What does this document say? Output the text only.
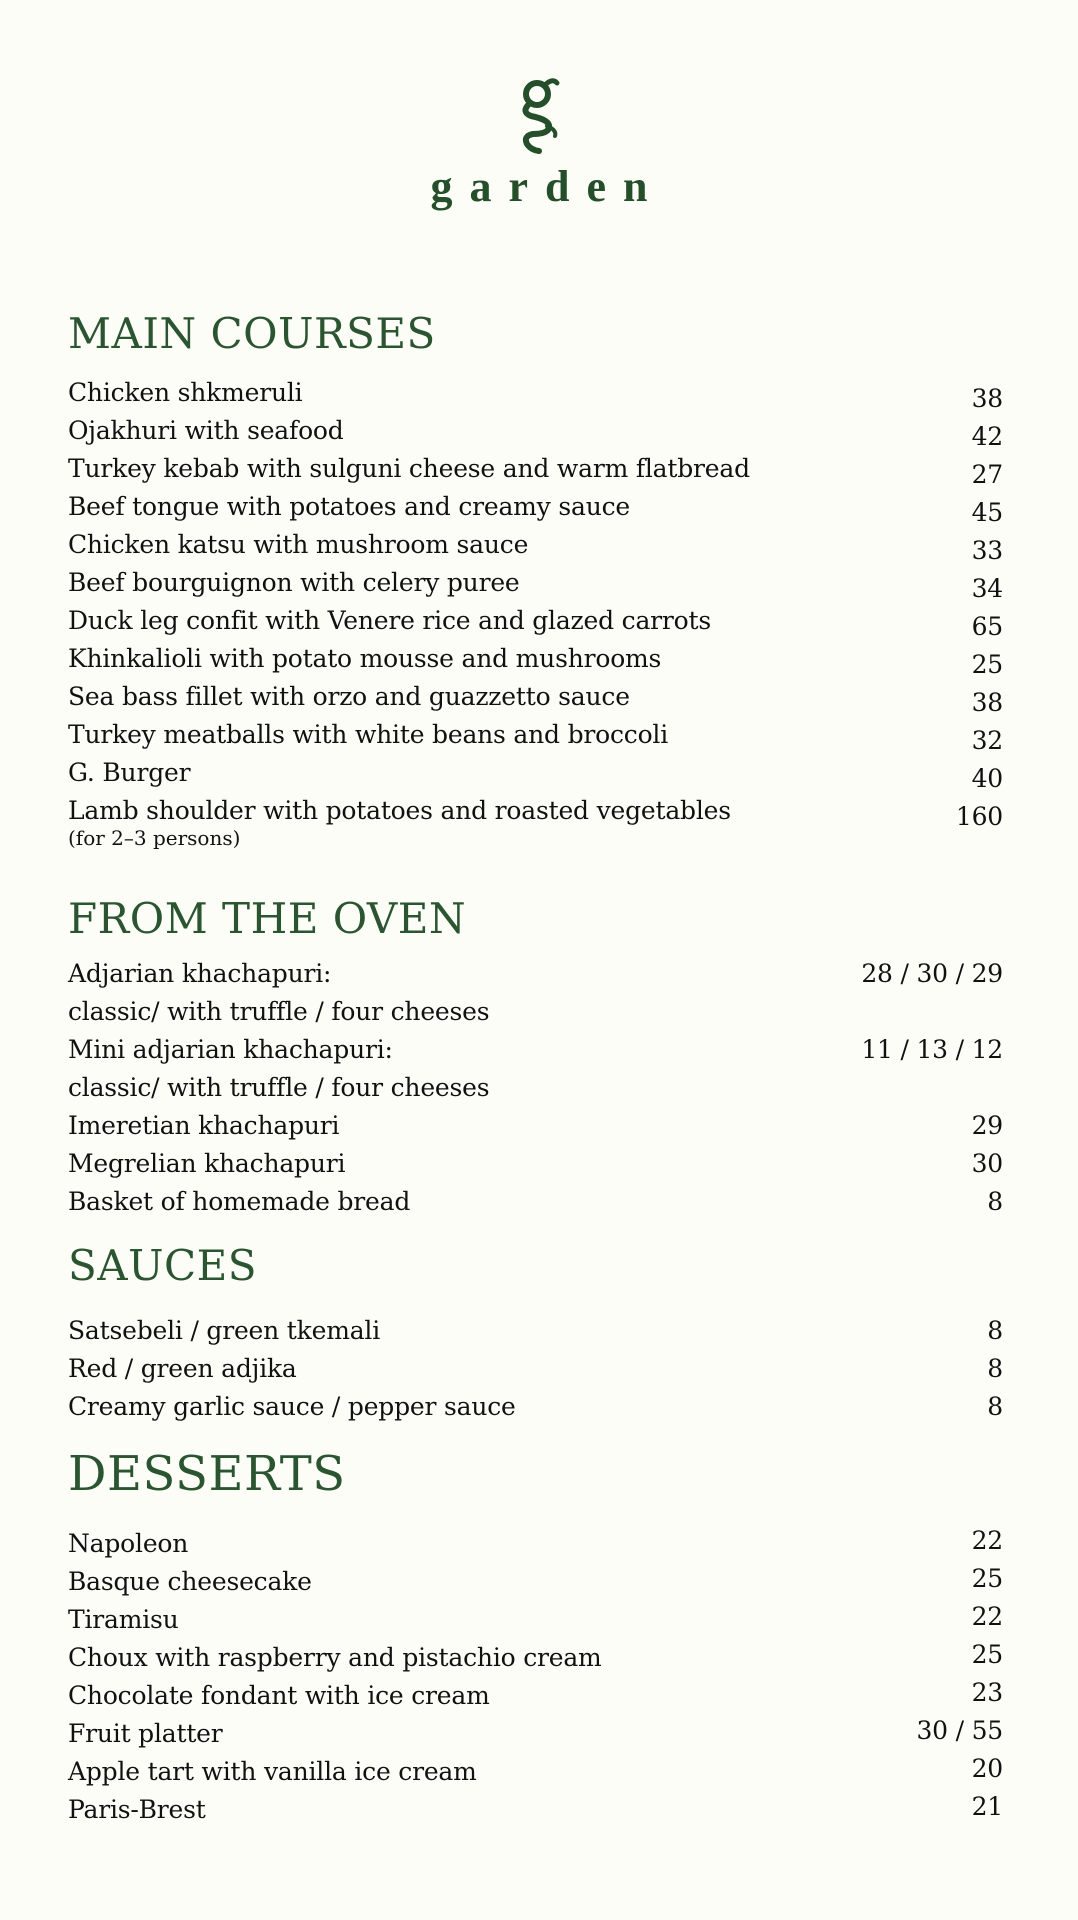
garden
MAIN COURSES
Chicken shkmeruli	38
Ojakhuri with seafood	42
Turkey kebab with sulguni cheese and warm flatbread	27
Beef tongue with potatoes and creamy sauce	45
Chicken katsu with mushroom sauce	33
Beef bourguignon with celery puree	34
Duck leg confit with Venere rice and glazed carrots	65
Khinkalioli with potato mousse and mushrooms	25
Sea bass fillet with orzo and guazzetto sauce	38
Turkey meatballs with white beans and broccoli	32
G. Burger	40
Lamb shoulder with potatoes and roasted vegetables	160
(for 2–3 persons)
FROM THE OVEN
Adjarian khachapuri:	28 / 30 / 29
classic/ with truffle / four cheeses
Mini adjarian khachapuri:	11 / 13 / 12
classic/ with truffle / four cheeses
Imeretian khachapuri	29
Megrelian khachapuri	30
Basket of homemade bread	8
SAUCES
Satsebeli / green tkemali	8
Red / green adjika	8
Creamy garlic sauce / pepper sauce	8
DESSERTS
Napoleon	22
Basque cheesecake	25
Tiramisu	22
Choux with raspberry and pistachio cream	25
Chocolate fondant with ice cream	23
Fruit platter	30 / 55
Apple tart with vanilla ice cream	20
Paris-Brest	21
